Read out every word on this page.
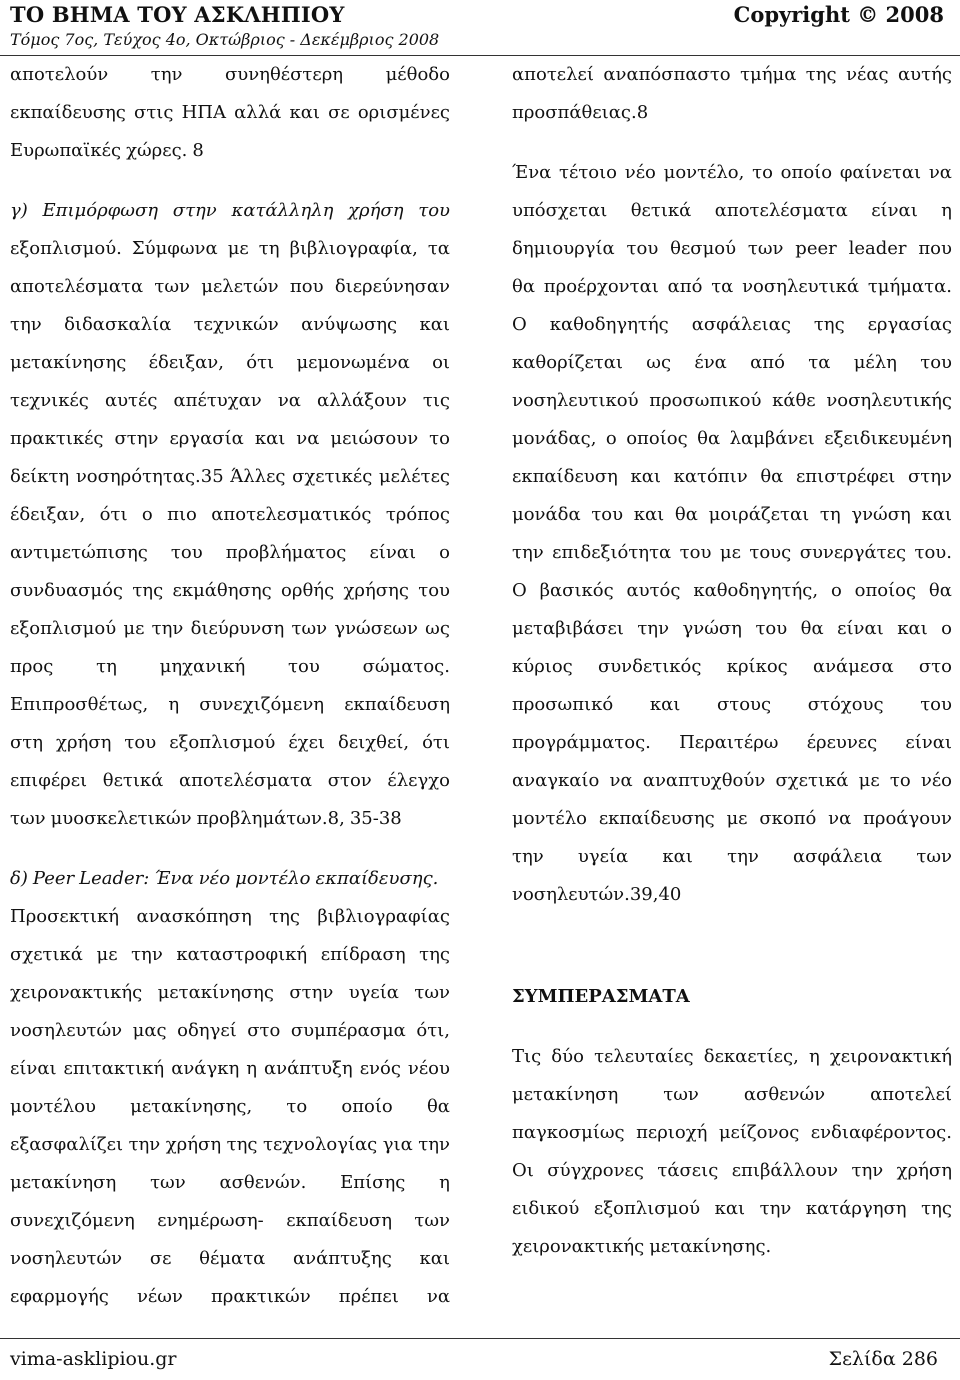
ΤΟ ΒΗΜΑ ΤΟΥ ΑΣΚΛΗΠΙΟΥ
Τόμος 7ος, Τεύχος 4ο, Οκτώβριος - Δεκέμβριος 2008
Copyright © 2008
αποτελούν την συνηθέστερη μέθοδο
εκπαίδευσης στις ΗΠΑ αλλά και σε ορισμένες
Ευρωπαϊκές χώρες. 8
γ) Επιμόρφωση στην κατάλληλη χρήση του
εξοπλισμού. Σύμφωνα με τη βιβλιογραφία, τα
αποτελέσματα των μελετών που διερεύνησαν
την διδασκαλία τεχνικών ανύψωσης και
μετακίνησης έδειξαν, ότι μεμονωμένα οι
τεχνικές αυτές απέτυχαν να αλλάξουν τις
πρακτικές στην εργασία και να μειώσουν το
δείκτη νοσηρότητας.35 Άλλες σχετικές μελέτες
έδειξαν, ότι ο πιο αποτελεσματικός τρόπος
αντιμετώπισης του προβλήματος είναι ο
συνδυασμός της εκμάθησης ορθής χρήσης του
εξοπλισμού με την διεύρυνση των γνώσεων ως
προς τη μηχανική του σώματος.
Επιπροσθέτως, η συνεχιζόμενη εκπαίδευση
στη χρήση του εξοπλισμού έχει δειχθεί, ότι
επιφέρει θετικά αποτελέσματα στον έλεγχο
των μυοσκελετικών προβλημάτων.8, 35-38
δ) Peer Leader: Ένα νέο μοντέλο εκπαίδευσης.
Προσεκτική ανασκόπηση της βιβλιογραφίας
σχετικά με την καταστροφική επίδραση της
χειρονακτικής μετακίνησης στην υγεία των
νοσηλευτών μας οδηγεί στο συμπέρασμα ότι,
είναι επιτακτική ανάγκη η ανάπτυξη ενός νέου
μοντέλου μετακίνησης, το οποίο θα
εξασφαλίζει την χρήση της τεχνολογίας για την
μετακίνηση των ασθενών. Επίσης η
συνεχιζόμενη ενημέρωση- εκπαίδευση των
νοσηλευτών σε θέματα ανάπτυξης και
εφαρμογής νέων πρακτικών πρέπει να
αποτελεί αναπόσπαστο τμήμα της νέας αυτής
προσπάθειας.8
Ένα τέτοιο νέο μοντέλο, το οποίο φαίνεται να
υπόσχεται θετικά αποτελέσματα είναι η
δημιουργία του θεσμού των peer leader που
θα προέρχονται από τα νοσηλευτικά τμήματα.
Ο καθοδηγητής ασφάλειας της εργασίας
καθορίζεται ως ένα από τα μέλη του
νοσηλευτικού προσωπικού κάθε νοσηλευτικής
μονάδας, ο οποίος θα λαμβάνει εξειδικευμένη
εκπαίδευση και κατόπιν θα επιστρέφει στην
μονάδα του και θα μοιράζεται τη γνώση και
την επιδεξιότητα του με τους συνεργάτες του.
Ο βασικός αυτός καθοδηγητής, ο οποίος θα
μεταβιβάσει την γνώση του θα είναι και ο
κύριος συνδετικός κρίκος ανάμεσα στο
προσωπικό και στους στόχους του
προγράμματος. Περαιτέρω έρευνες είναι
αναγκαίο να αναπτυχθούν σχετικά με το νέο
μοντέλο εκπαίδευσης με σκοπό να προάγουν
την υγεία και την ασφάλεια των
νοσηλευτών.39,40
ΣΥΜΠΕΡΑΣΜΑΤΑ
Τις δύο τελευταίες δεκαετίες, η χειρονακτική
μετακίνηση	των	ασθενών	αποτελεί
παγκοσμίως περιοχή μείζονος ενδιαφέροντος.
Οι σύγχρονες τάσεις επιβάλλουν την χρήση
ειδικού εξοπλισμού και την κατάργηση της
χειρονακτικής μετακίνησης.
vima-asklipiou.gr	Σελίδα 286
